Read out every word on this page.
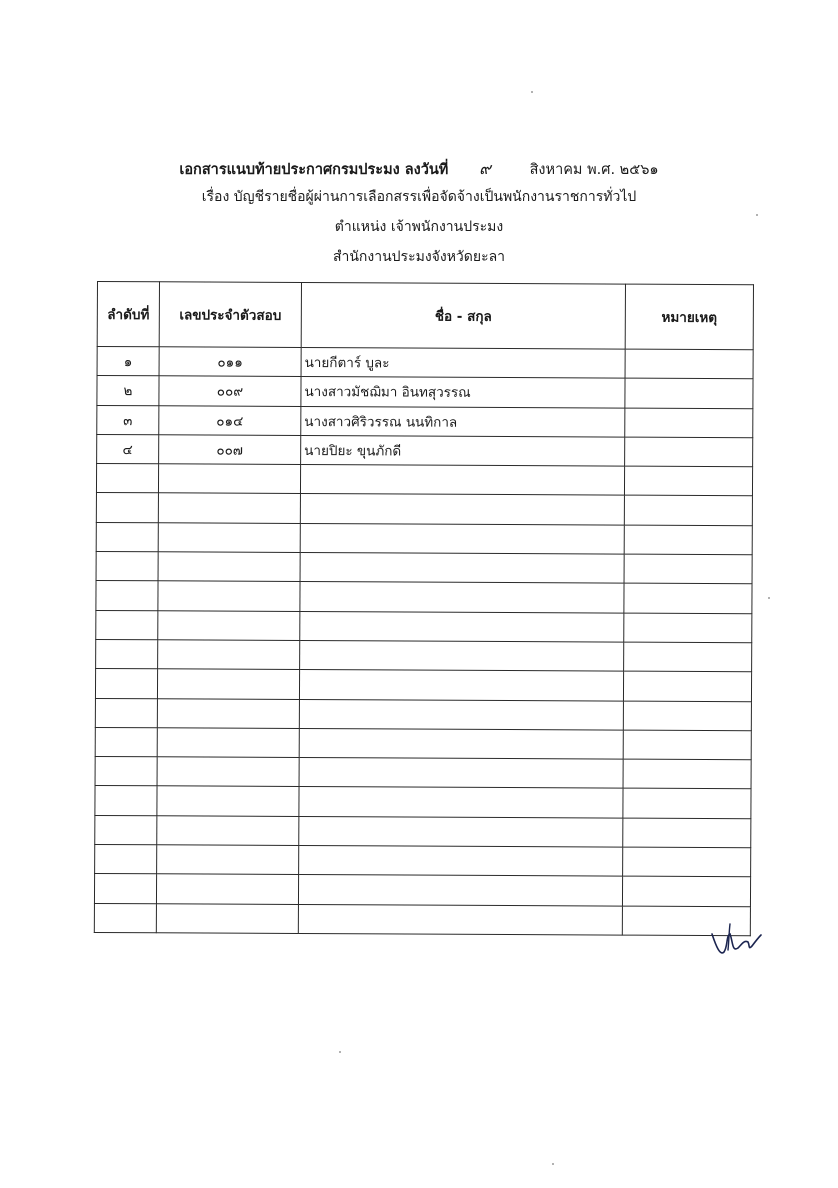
เอกสารแนบท้ายประกาศกรมประมง ลงวันที่ ๙	สิงหาคม พ.ศ. ๒๕๖๑
เรื่อง บัญชีรายชื่อผู้ผ่านการเลือกสรรเพื่อจัดจ้างเป็นพนักงานราชการทั่วไป
ตำแหน่ง เจ้าพนักงานประมง
สำนักงานประมงจังหวัดยะลา
ลำดับที่	เลขประจำตัวสอบ	ชื่อ - สกุล	หมายเหตุ
๑	๐๑๑	นายกีตาร์ บูละ	
๒	๐๐๙	นางสาวมัชฌิมา อินทสุวรรณ	
๓	๐๑๔	นางสาวศิริวรรณ นนทิกาล	
๔	๐๐๗	นายปิยะ ขุนภักดี	
